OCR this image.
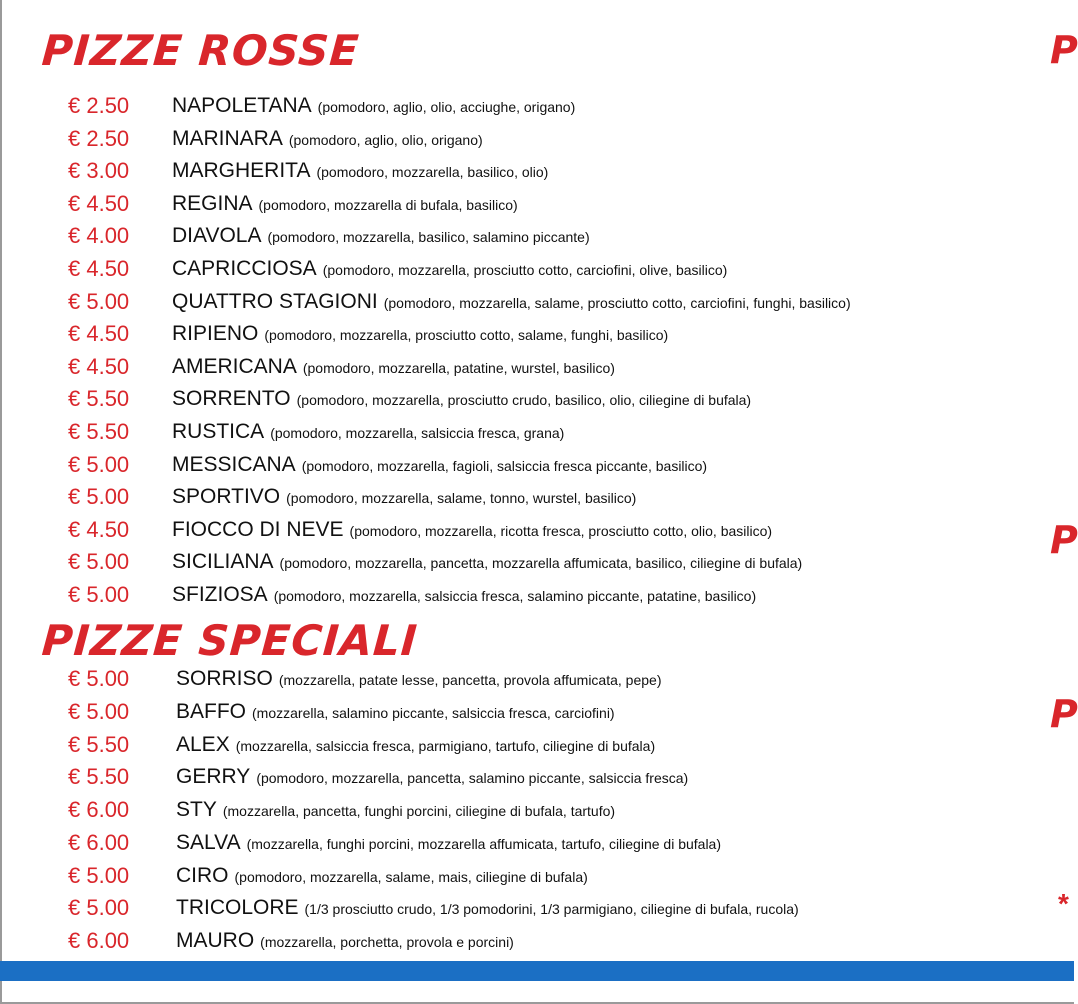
PIZZE ROSSE
€ 2.50 NAPOLETANA (pomodoro, aglio, olio, acciughe, origano)
€ 2.50 MARINARA (pomodoro, aglio, olio, origano)
€ 3.00 MARGHERITA (pomodoro, mozzarella, basilico, olio)
€ 4.50 REGINA (pomodoro, mozzarella di bufala, basilico)
€ 4.00 DIAVOLA (pomodoro, mozzarella, basilico, salamino piccante)
€ 4.50 CAPRICCIOSA (pomodoro, mozzarella, prosciutto cotto, carciofini, olive, basilico)
€ 5.00 QUATTRO STAGIONI (pomodoro, mozzarella, salame, prosciutto cotto, carciofini, funghi, basilico)
€ 4.50 RIPIENO (pomodoro, mozzarella, prosciutto cotto, salame, funghi, basilico)
€ 4.50 AMERICANA (pomodoro, mozzarella, patatine, wurstel, basilico)
€ 5.50 SORRENTO (pomodoro, mozzarella, prosciutto crudo, basilico, olio, ciliegine di bufala)
€ 5.50 RUSTICA (pomodoro, mozzarella, salsiccia fresca, grana)
€ 5.00 MESSICANA (pomodoro, mozzarella, fagioli, salsiccia fresca piccante, basilico)
€ 5.00 SPORTIVO (pomodoro, mozzarella, salame, tonno, wurstel, basilico)
€ 4.50 FIOCCO DI NEVE (pomodoro, mozzarella, ricotta fresca, prosciutto cotto, olio, basilico)
€ 5.00 SICILIANA (pomodoro, mozzarella, pancetta, mozzarella affumicata, basilico, ciliegine di bufala)
€ 5.00 SFIZIOSA (pomodoro, mozzarella, salsiccia fresca, salamino piccante, patatine, basilico)
PIZZE SPECIALI
€ 5.00 SORRISO (mozzarella, patate lesse, pancetta, provola affumicata, pepe)
€ 5.00 BAFFO (mozzarella, salamino piccante, salsiccia fresca, carciofini)
€ 5.50 ALEX (mozzarella, salsiccia fresca, parmigiano, tartufo, ciliegine di bufala)
€ 5.50 GERRY (pomodoro, mozzarella, pancetta, salamino piccante, salsiccia fresca)
€ 6.00 STY (mozzarella, pancetta, funghi porcini, ciliegine di bufala, tartufo)
€ 6.00 SALVA (mozzarella, funghi porcini, mozzarella affumicata, tartufo, ciliegine di bufala)
€ 5.00 CIRO (pomodoro, mozzarella, salame, mais, ciliegine di bufala)
€ 5.00 TRICOLORE (1/3 prosciutto crudo, 1/3 pomodorini, 1/3 parmigiano, ciliegine di bufala, rucola)
€ 6.00 MAURO (mozzarella, porchetta, provola e porcini)
P
P
P
*
